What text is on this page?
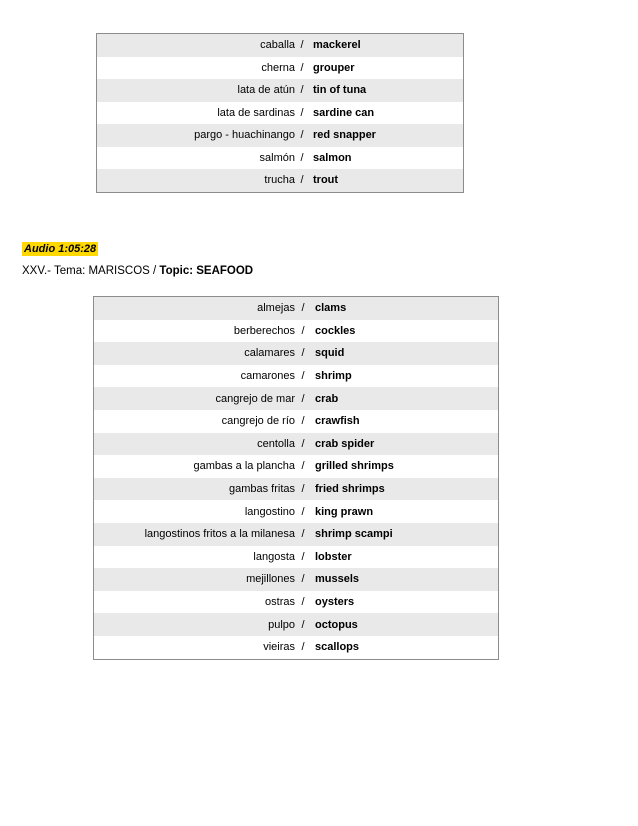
caballa / mackerel
cherna / grouper
lata de atún / tin of tuna
lata de sardinas / sardine can
pargo - huachinango / red snapper
salmón / salmon
trucha / trout
Audio 1:05:28
XXV.- Tema: MARISCOS / Topic: SEAFOOD
almejas / clams
berberechos / cockles
calamares / squid
camarones / shrimp
cangrejo de mar / crab
cangrejo de río / crawfish
centolla / crab spider
gambas a la plancha / grilled shrimps
gambas fritas / fried shrimps
langostino / king prawn
langostinos fritos a la milanesa / shrimp scampi
langosta / lobster
mejillones / mussels
ostras / oysters
pulpo / octopus
vieiras / scallops
